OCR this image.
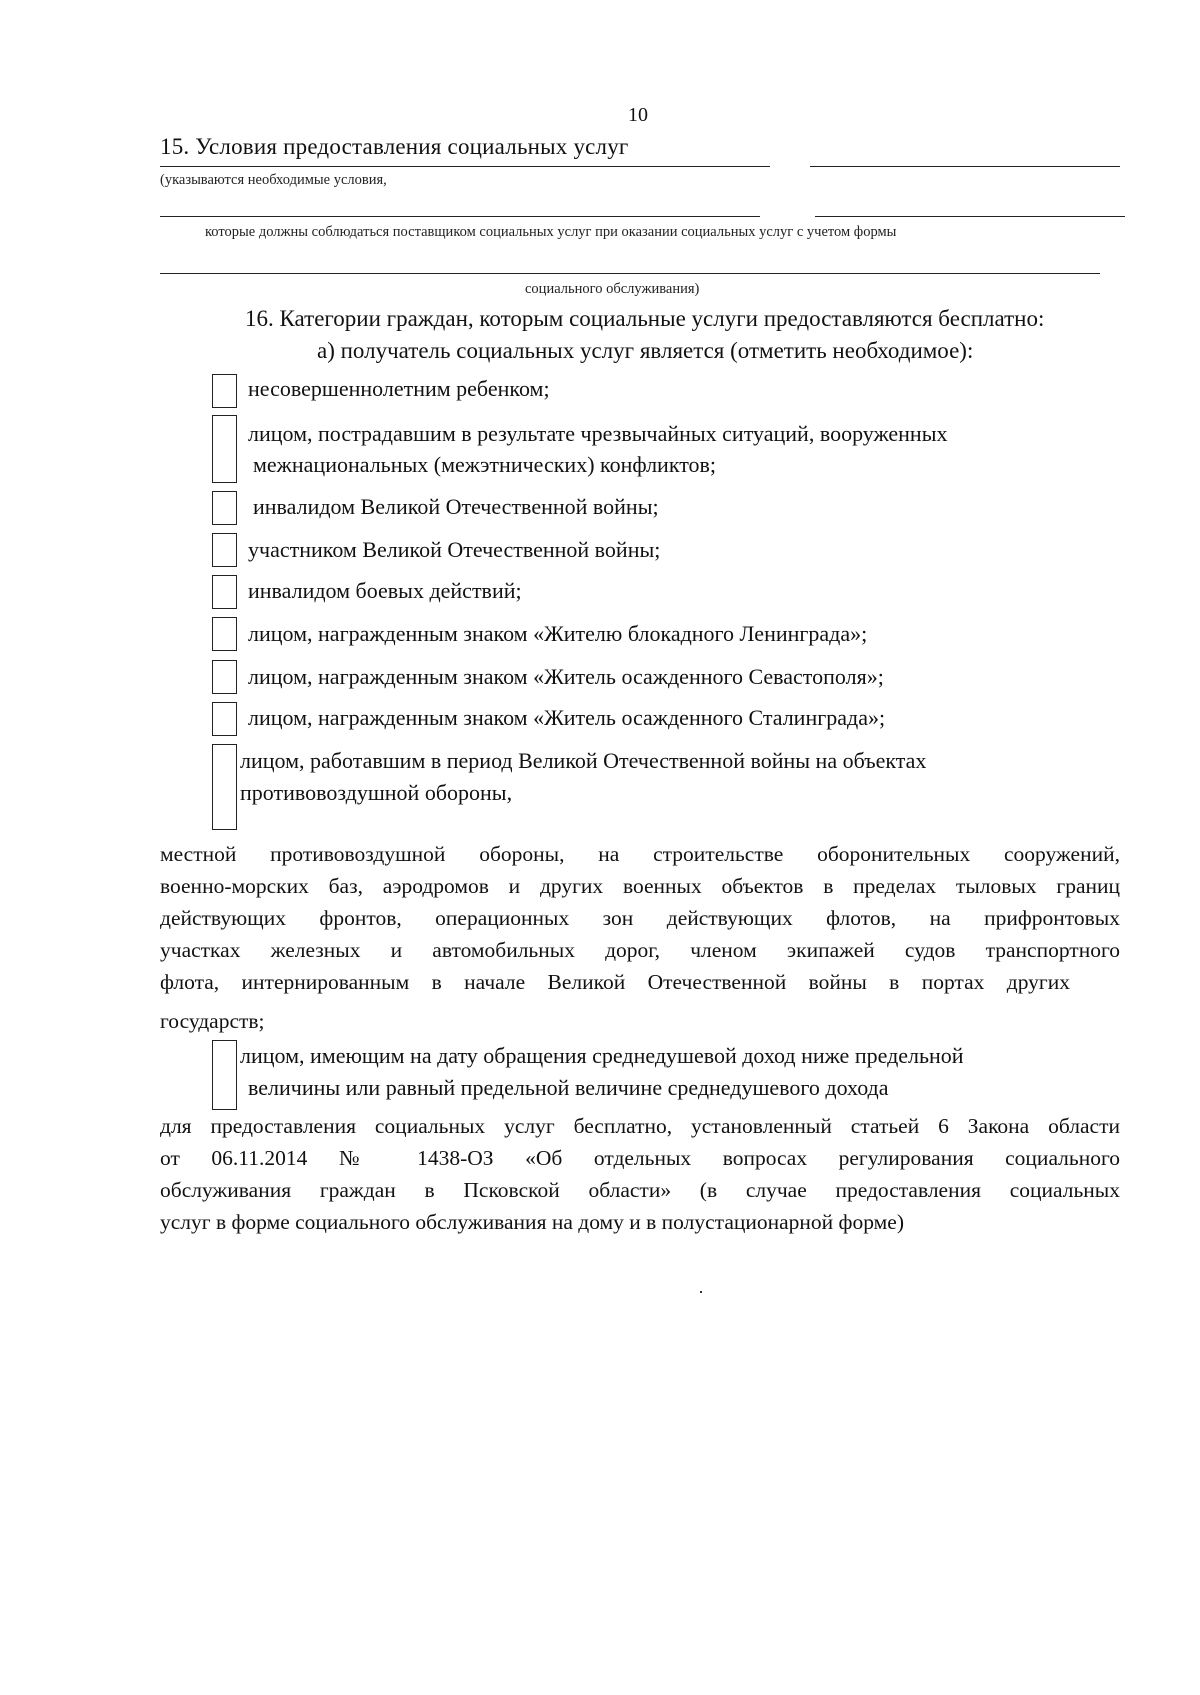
10
15. Условия предоставления социальных услуг
(указываются необходимые условия,
которые должны соблюдаться поставщиком социальных услуг при оказании социальных услуг с учетом формы
социального обслуживания)
16. Категории граждан, которым социальные услуги предоставляются бесплатно:
а) получатель социальных услуг является (отметить необходимое):
несовершеннолетним ребенком;
лицом, пострадавшим в результате чрезвычайных ситуаций, вооруженных
межнациональных (межэтнических) конфликтов;
инвалидом Великой Отечественной войны;
участником Великой Отечественной войны;
инвалидом боевых действий;
лицом, награжденным знаком «Жителю блокадного Ленинграда»;
лицом, награжденным знаком «Житель осажденного Севастополя»;
лицом, награжденным знаком «Житель осажденного Сталинграда»;
лицом, работавшим в период Великой Отечественной войны на объектах
противовоздушной обороны,
местной противовоздушной обороны, на строительстве оборонительных сооружений,
военно-морских баз, аэродромов и других военных объектов в пределах тыловых границ
действующих фронтов, операционных зон действующих флотов, на прифронтовых
участках железных и автомобильных дорог, членом экипажей судов транспортного
флота, интернированным в начале Великой Отечественной войны в портах других
государств;
лицом, имеющим на дату обращения среднедушевой доход ниже предельной
величины или равный предельной величине среднедушевого дохода
для предоставления социальных услуг бесплатно, установленный статьей 6 Закона области
от 06.11.2014 № 1438-ОЗ «Об отдельных вопросах регулирования социального
обслуживания граждан в Псковской области» (в случае предоставления социальных
услуг в форме социального обслуживания на дому и в полустационарной форме)
